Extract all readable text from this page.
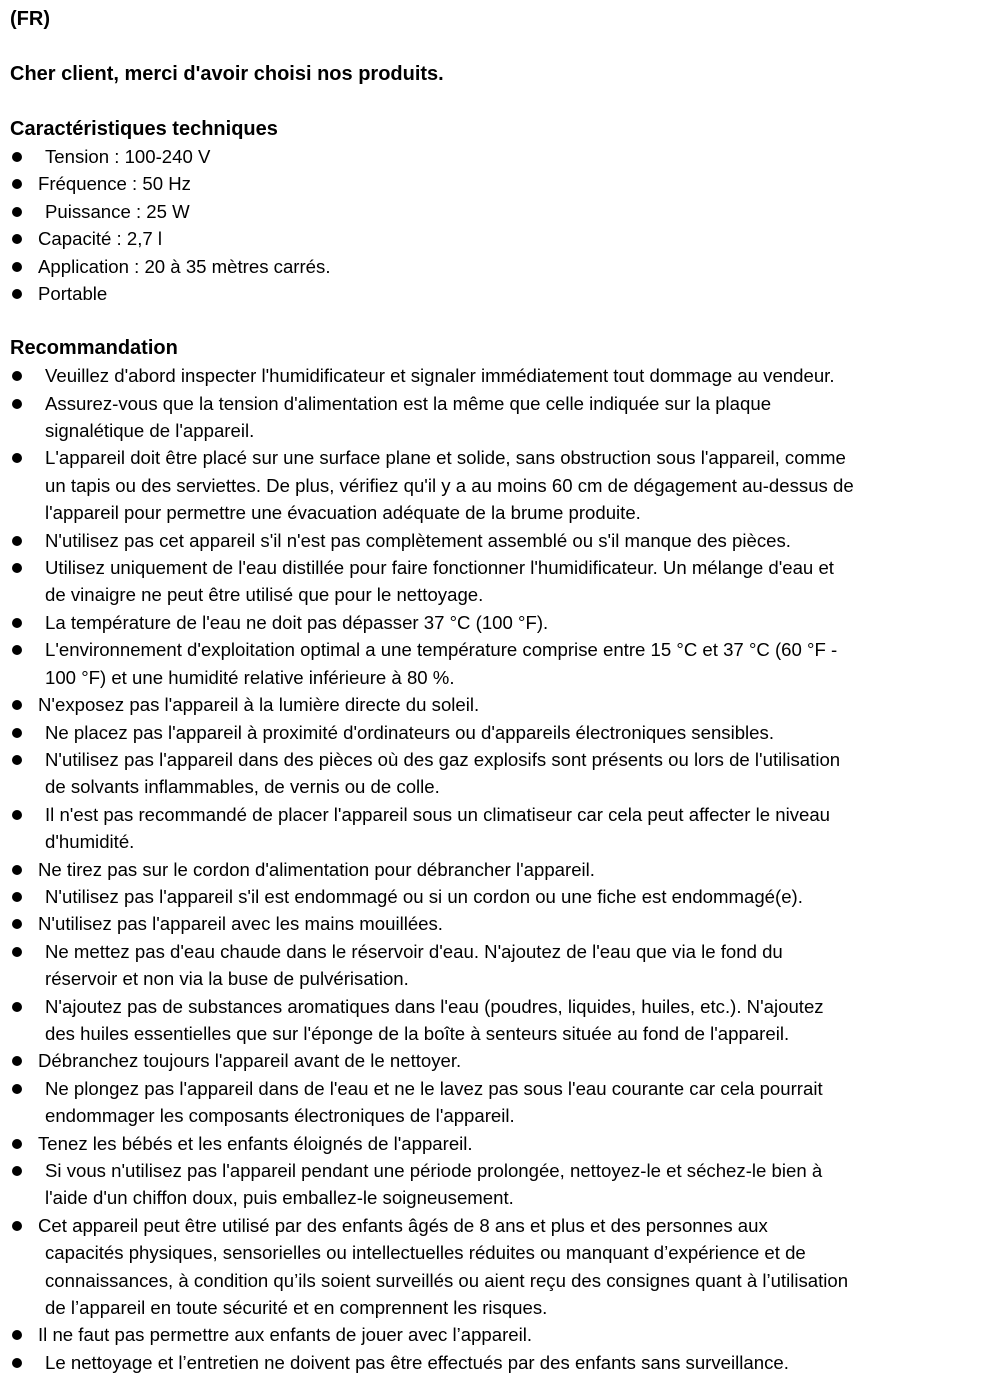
(FR)

Cher client, merci d'avoir choisi nos produits.

Caractéristiques techniques

Tension : 100-240 V
Fréquence : 50 Hz
Puissance : 25 W
Capacité : 2,7 l
Application : 20 à 35 mètres carrés.
Portable

Recommandation

Veuillez d'abord inspecter l'humidificateur et signaler immédiatement tout dommage au vendeur.
Assurez-vous que la tension d'alimentation est la même que celle indiquée sur la plaque
signalétique de l'appareil.
L'appareil doit être placé sur une surface plane et solide, sans obstruction sous l'appareil, comme
un tapis ou des serviettes. De plus, vérifiez qu'il y a au moins 60 cm de dégagement au-dessus de
l'appareil pour permettre une évacuation adéquate de la brume produite.
N'utilisez pas cet appareil s'il n'est pas complètement assemblé ou s'il manque des pièces.
Utilisez uniquement de l'eau distillée pour faire fonctionner l'humidificateur. Un mélange d'eau et
de vinaigre ne peut être utilisé que pour le nettoyage.
La température de l'eau ne doit pas dépasser 37 °C (100 °F).
L'environnement d'exploitation optimal a une température comprise entre 15 °C et 37 °C (60 °F -
100 °F) et une humidité relative inférieure à 80 %.
N'exposez pas l'appareil à la lumière directe du soleil.
Ne placez pas l'appareil à proximité d'ordinateurs ou d'appareils électroniques sensibles.
N'utilisez pas l'appareil dans des pièces où des gaz explosifs sont présents ou lors de l'utilisation
de solvants inflammables, de vernis ou de colle.
Il n'est pas recommandé de placer l'appareil sous un climatiseur car cela peut affecter le niveau
d'humidité.
Ne tirez pas sur le cordon d'alimentation pour débrancher l'appareil.
N'utilisez pas l'appareil s'il est endommagé ou si un cordon ou une fiche est endommagé(e).
N'utilisez pas l'appareil avec les mains mouillées.
Ne mettez pas d'eau chaude dans le réservoir d'eau. N'ajoutez de l'eau que via le fond du
réservoir et non via la buse de pulvérisation.
N'ajoutez pas de substances aromatiques dans l'eau (poudres, liquides, huiles, etc.). N'ajoutez
des huiles essentielles que sur l'éponge de la boîte à senteurs située au fond de l'appareil.
Débranchez toujours l'appareil avant de le nettoyer.
Ne plongez pas l'appareil dans de l'eau et ne le lavez pas sous l'eau courante car cela pourrait
endommager les composants électroniques de l'appareil.
Tenez les bébés et les enfants éloignés de l'appareil.
Si vous n'utilisez pas l'appareil pendant une période prolongée, nettoyez-le et séchez-le bien à
l'aide d'un chiffon doux, puis emballez-le soigneusement.
Cet appareil peut être utilisé par des enfants âgés de 8 ans et plus et des personnes aux
capacités physiques, sensorielles ou intellectuelles réduites ou manquant d’expérience et de
connaissances, à condition qu’ils soient surveillés ou aient reçu des consignes quant à l’utilisation
de l’appareil en toute sécurité et en comprennent les risques.
Il ne faut pas permettre aux enfants de jouer avec l’appareil.
Le nettoyage et l’entretien ne doivent pas être effectués par des enfants sans surveillance.
